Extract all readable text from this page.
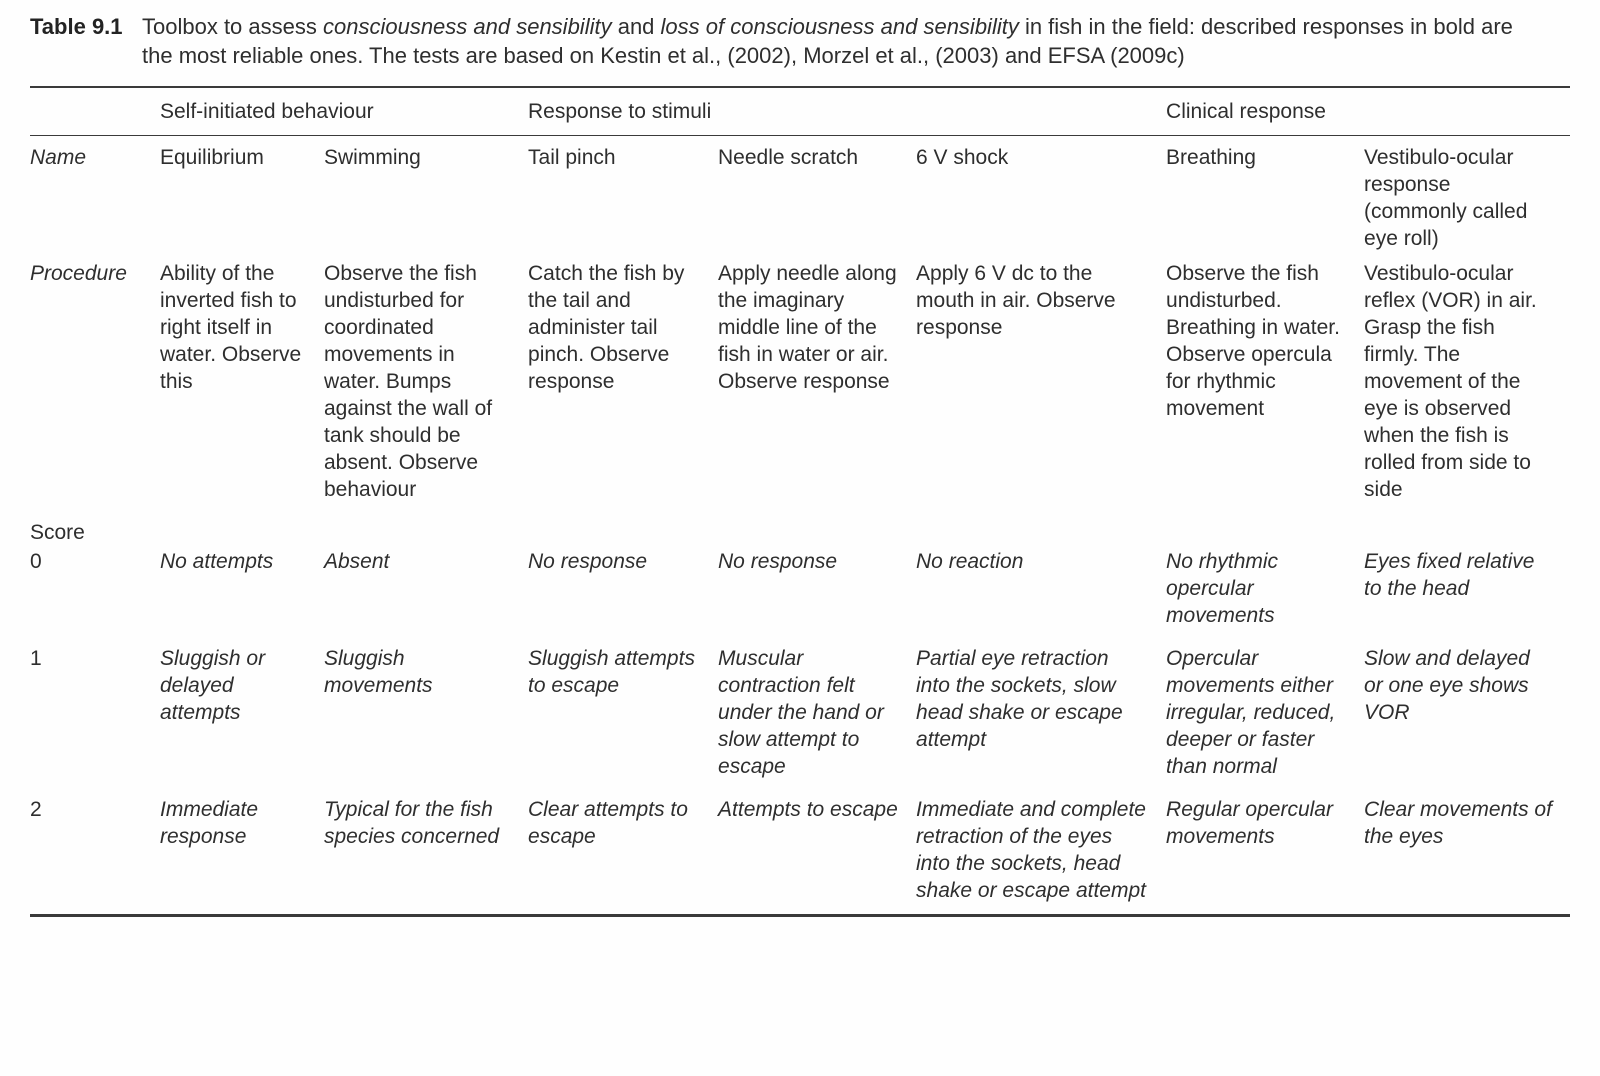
Table 9.1 Toolbox to assess consciousness and sensibility and loss of consciousness and sensibility in fish in the field: described responses in bold are the most reliable ones. The tests are based on Kestin et al., (2002), Morzel et al., (2003) and EFSA (2009c)

	Self-initiated behaviour		Response to stimuli			Clinical response	
Name	Equilibrium	Swimming	Tail pinch	Needle scratch	6 V shock	Breathing	Vestibulo-ocular response (commonly called eye roll)
Procedure	Ability of the inverted fish to right itself in water. Observe this	Observe the fish undisturbed for coordinated movements in water. Bumps against the wall of tank should be absent. Observe behaviour	Catch the fish by the tail and administer tail pinch. Observe response	Apply needle along the imaginary middle line of the fish in water or air. Observe response	Apply 6 V dc to the mouth in air. Observe response	Observe the fish undisturbed. Breathing in water. Observe opercula for rhythmic movement	Vestibulo-ocular reflex (VOR) in air. Grasp the fish firmly. The movement of the eye is observed when the fish is rolled from side to side
Score							
0	No attempts	Absent	No response	No response	No reaction	No rhythmic opercular movements	Eyes fixed relative to the head
1	Sluggish or delayed attempts	Sluggish movements	Sluggish attempts to escape	Muscular contraction felt under the hand or slow attempt to escape	Partial eye retraction into the sockets, slow head shake or escape attempt	Opercular movements either irregular, reduced, deeper or faster than normal	Slow and delayed or one eye shows VOR
2	Immediate response	Typical for the fish species concerned	Clear attempts to escape	Attempts to escape	Immediate and complete retraction of the eyes into the sockets, head shake or escape attempt	Regular opercular movements	Clear movements of the eyes
